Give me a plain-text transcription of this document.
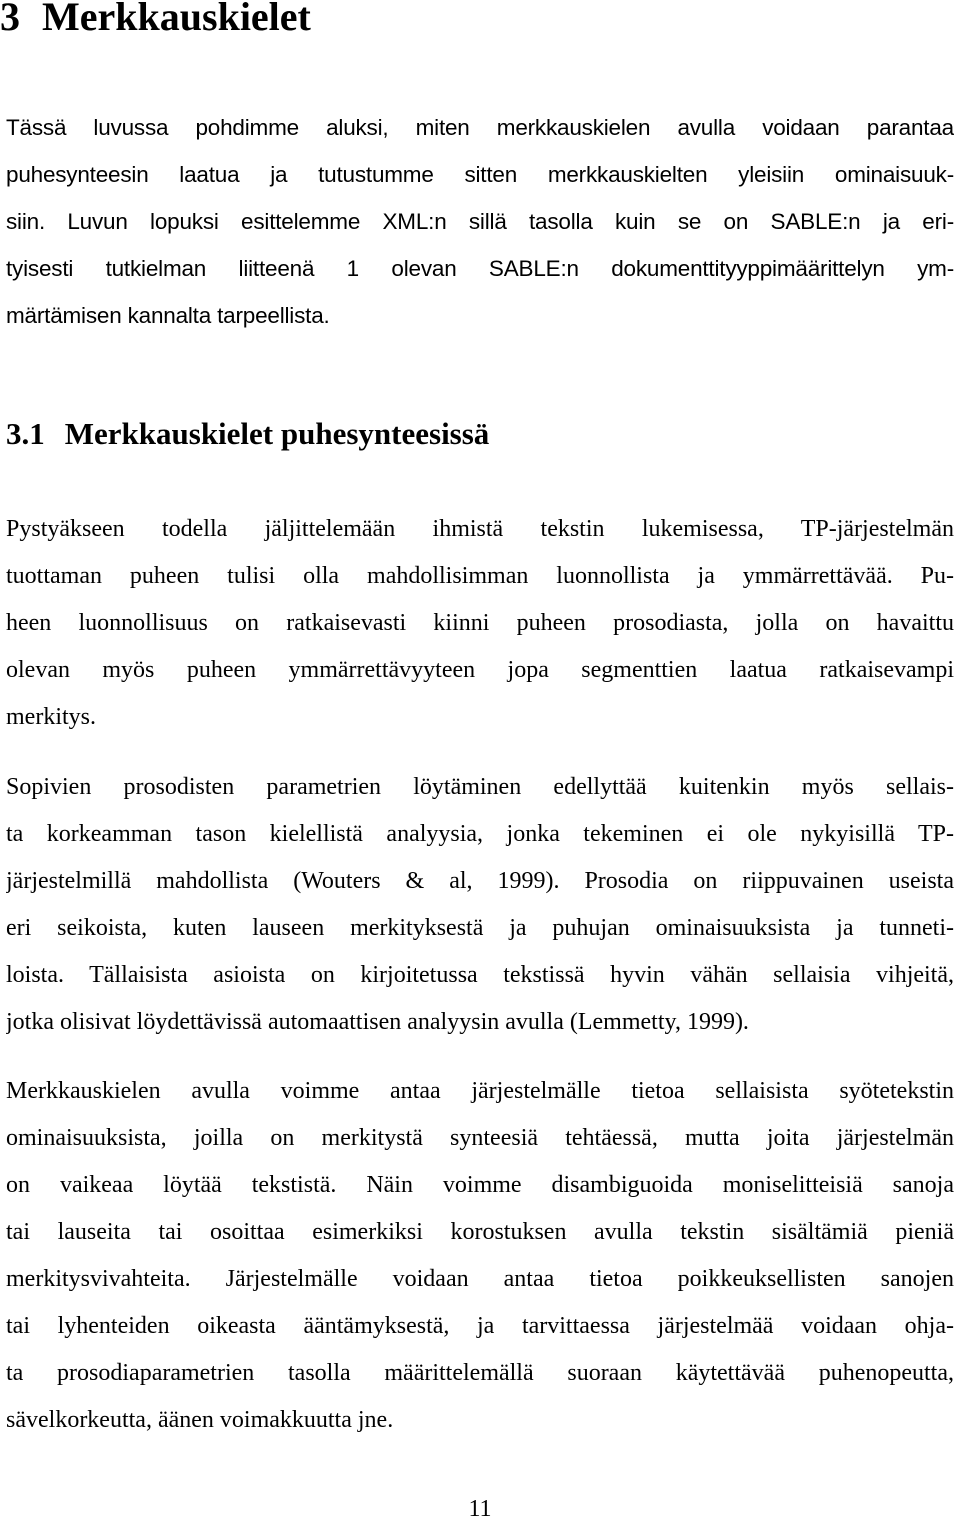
3 Merkkauskielet
Tässä luvussa pohdimme aluksi, miten merkkauskielen avulla voidaan parantaa
puhesynteesin laatua ja tutustumme sitten merkkauskielten yleisiin ominaisuuk-
siin. Luvun lopuksi esittelemme XML:n sillä tasolla kuin se on SABLE:n ja eri-
tyisesti tutkielman liitteenä 1 olevan SABLE:n dokumenttityyppimäärittelyn ym-
märtämisen kannalta tarpeellista.
3.1 Merkkauskielet puhesynteesissä
Pystyäkseen todella jäljittelemään ihmistä tekstin lukemisessa, TP-järjestelmän
tuottaman puheen tulisi olla mahdollisimman luonnollista ja ymmärrettävää. Pu-
heen luonnollisuus on ratkaisevasti kiinni puheen prosodiasta, jolla on havaittu
olevan myös puheen ymmärrettävyyteen jopa segmenttien laatua ratkaisevampi
merkitys.
Sopivien prosodisten parametrien löytäminen edellyttää kuitenkin myös sellais-
ta korkeamman tason kielellistä analyysia, jonka tekeminen ei ole nykyisillä TP-
järjestelmillä mahdollista (Wouters & al, 1999). Prosodia on riippuvainen useista
eri seikoista, kuten lauseen merkityksestä ja puhujan ominaisuuksista ja tunneti-
loista. Tällaisista asioista on kirjoitetussa tekstissä hyvin vähän sellaisia vihjeitä,
jotka olisivat löydettävissä automaattisen analyysin avulla (Lemmetty, 1999).
Merkkauskielen avulla voimme antaa järjestelmälle tietoa sellaisista syötetekstin
ominaisuuksista, joilla on merkitystä synteesiä tehtäessä, mutta joita järjestelmän
on vaikeaa löytää tekstistä. Näin voimme disambiguoida moniselitteisiä sanoja
tai lauseita tai osoittaa esimerkiksi korostuksen avulla tekstin sisältämiä pieniä
merkitysvivahteita. Järjestelmälle voidaan antaa tietoa poikkeuksellisten sanojen
tai lyhenteiden oikeasta ääntämyksestä, ja tarvittaessa järjestelmää voidaan ohja-
ta prosodiaparametrien tasolla määrittelemällä suoraan käytettävää puhenopeutta,
sävelkorkeutta, äänen voimakkuutta jne.
11
